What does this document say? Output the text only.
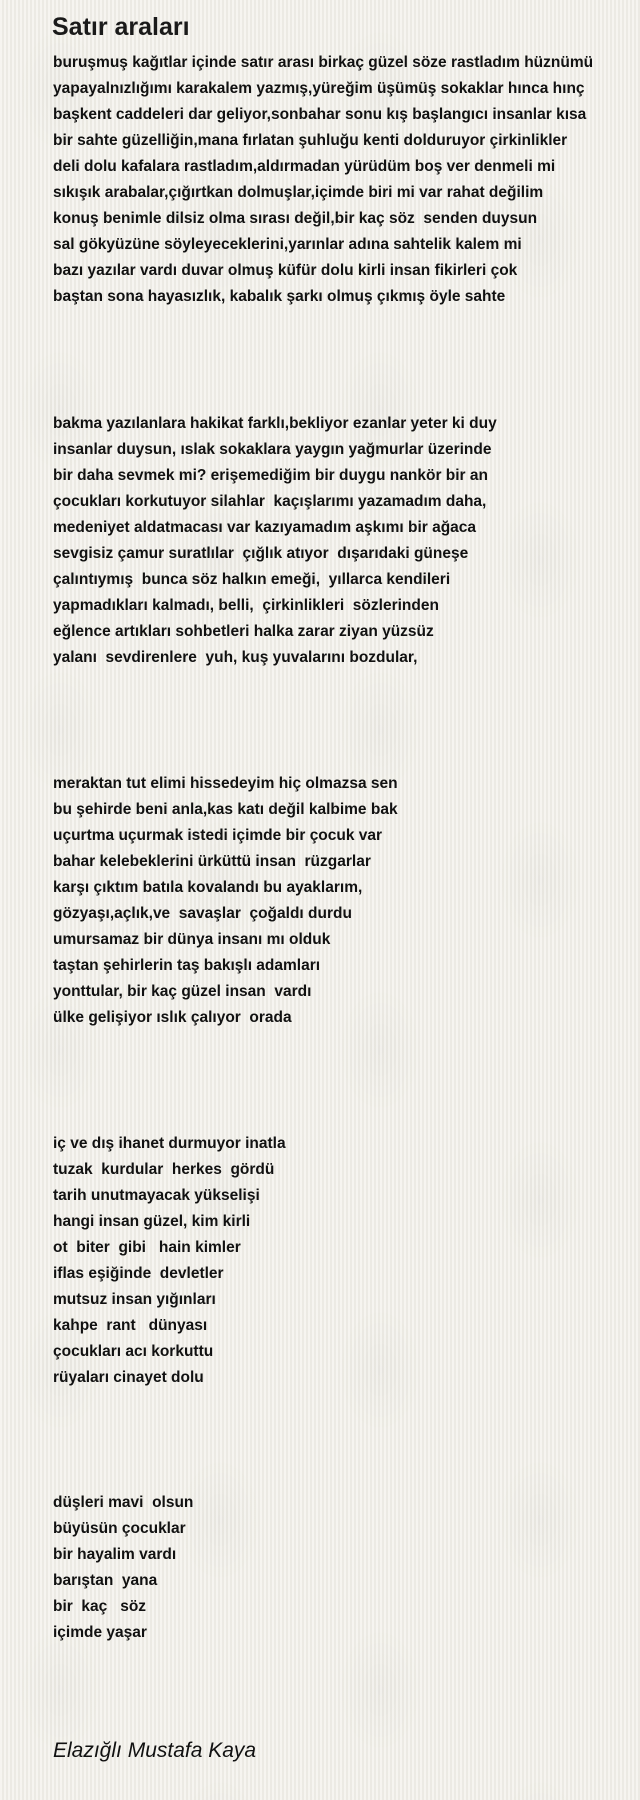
Satır araları
buruşmuş kağıtlar içinde satır arası birkaç güzel söze rastladım hüznümü
yapayalnızlığımı karakalem yazmış,yüreğim üşümüş sokaklar hınca hınç
başkent caddeleri dar geliyor,sonbahar sonu kış başlangıcı insanlar kısa
bir sahte güzelliğin,mana fırlatan şuhluğu kenti dolduruyor çirkinlikler
deli dolu kafalara rastladım,aldırmadan yürüdüm boş ver denmeli mi
sıkışık arabalar,çığırtkan dolmuşlar,içimde biri mi var rahat değilim
konuş benimle dilsiz olma sırası değil,bir kaç söz  senden duysun
sal gökyüzüne söyleyeceklerini,yarınlar adına sahtelik kalem mi
bazı yazılar vardı duvar olmuş küfür dolu kirli insan fikirleri çok
baştan sona hayasızlık, kabalık şarkı olmuş çıkmış öyle sahte
bakma yazılanlara hakikat farklı,bekliyor ezanlar yeter ki duy
insanlar duysun, ıslak sokaklara yaygın yağmurlar üzerinde
bir daha sevmek mi? erişemediğim bir duygu nankör bir an
çocukları korkutuyor silahlar  kaçışlarımı yazamadım daha,
medeniyet aldatmacası var kazıyamadım aşkımı bir ağaca
sevgisiz çamur suratlılar  çığlık atıyor  dışarıdaki güneşe
çalıntıymış  bunca söz halkın emeği,  yıllarca kendileri
yapmadıkları kalmadı, belli,  çirkinlikleri  sözlerinden
eğlence artıkları sohbetleri halka zarar ziyan yüzsüz
yalanı  sevdirenlere  yuh, kuş yuvalarını bozdular,
meraktan tut elimi hissedeyim hiç olmazsa sen
bu şehirde beni anla,kas katı değil kalbime bak
uçurtma uçurmak istedi içimde bir çocuk var
bahar kelebeklerini ürküttü insan  rüzgarlar
karşı çıktım batıla kovalandı bu ayaklarım,
gözyaşı,açlık,ve  savaşlar  çoğaldı durdu
umursamaz bir dünya insanı mı olduk
taştan şehirlerin taş bakışlı adamları
yonttular, bir kaç güzel insan  vardı
ülke gelişiyor ıslık çalıyor  orada
iç ve dış ihanet durmuyor inatla
tuzak  kurdular  herkes  gördü
tarih unutmayacak yükselişi
hangi insan güzel, kim kirli
ot  biter  gibi   hain kimler
iflas eşiğinde  devletler
mutsuz insan yığınları
kahpe  rant   dünyası
çocukları acı korkuttu
rüyaları cinayet dolu
düşleri mavi  olsun
büyüsün çocuklar
bir hayalim vardı
barıştan  yana
bir  kaç   söz
içimde yaşar

Elazığlı Mustafa Kaya
